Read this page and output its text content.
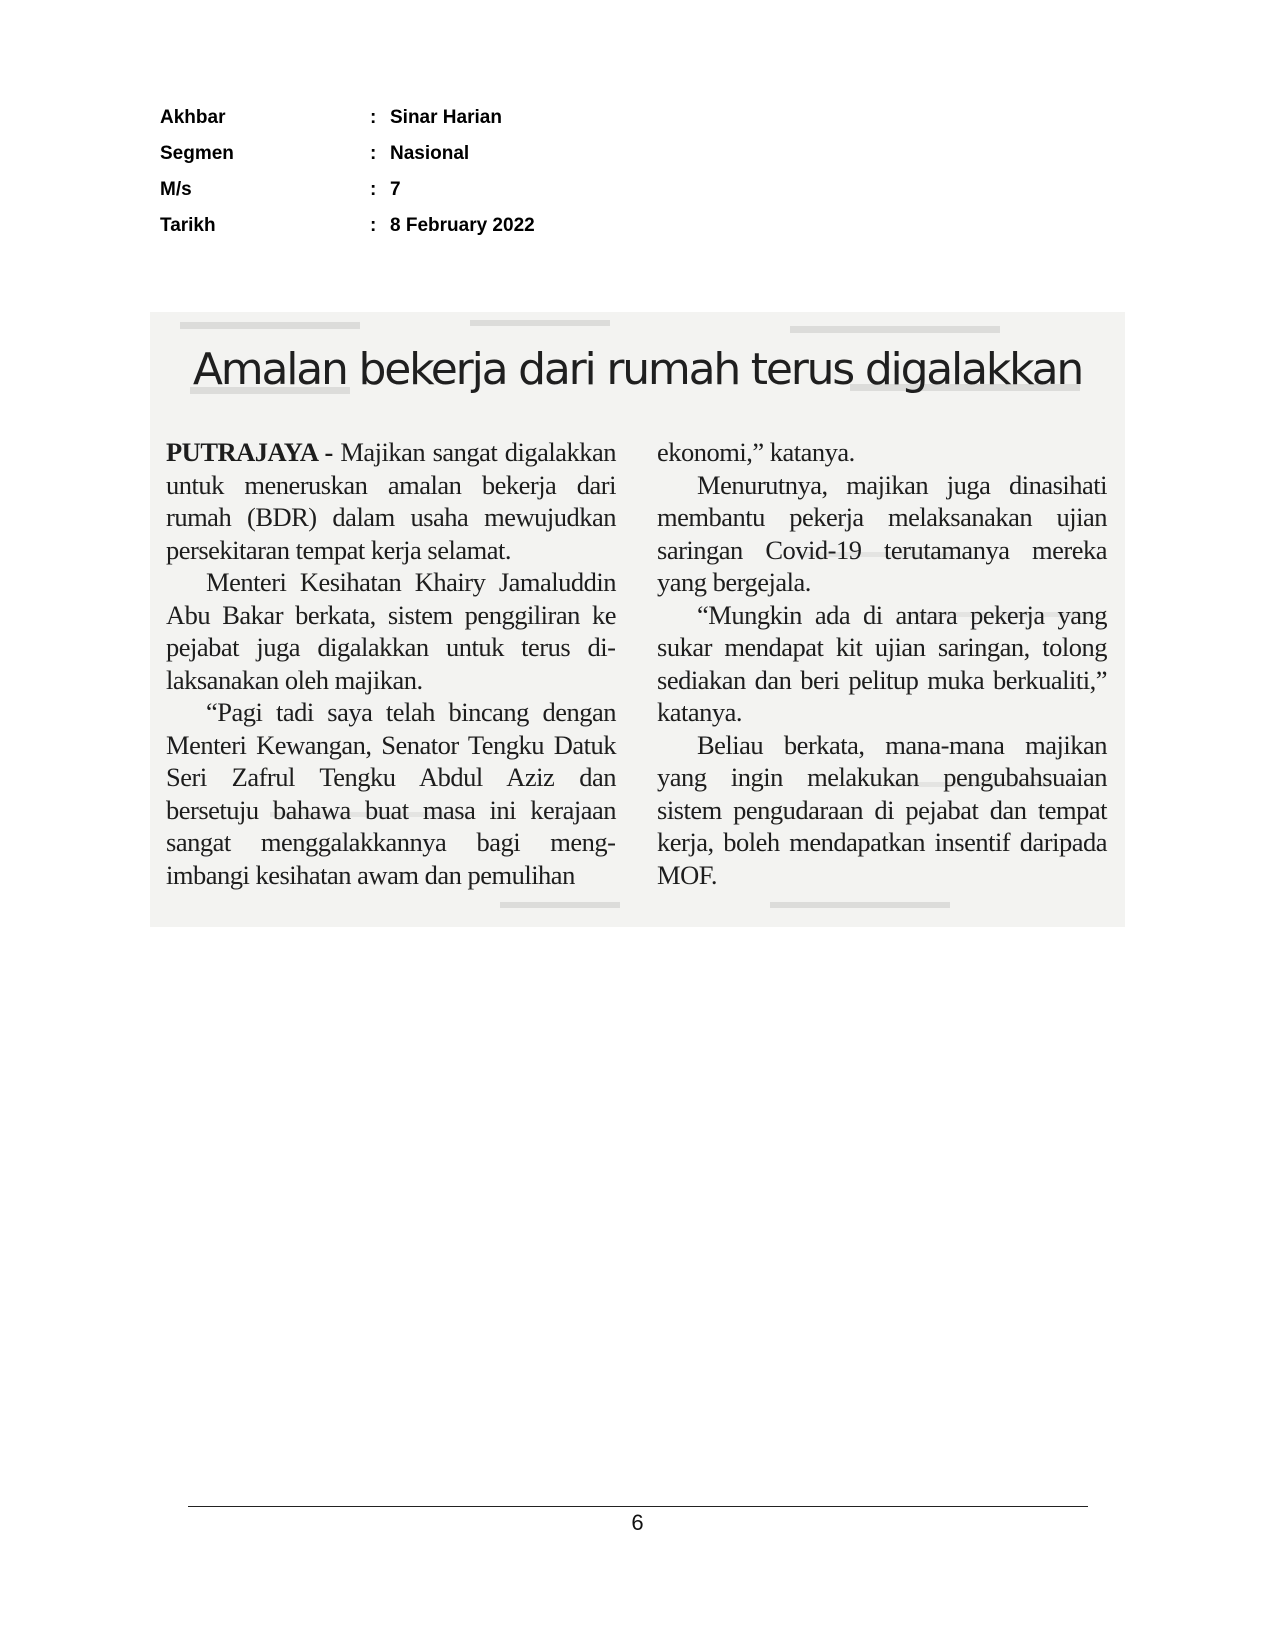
Akhbar	: Sinar Harian
Segmen	: Nasional
M/s	: 7
Tarikh	: 8 February 2022
Amalan bekerja dari rumah terus digalakkan

PUTRAJAYA - Majikan sangat digalakkan untuk meneruskan amalan bekerja dari rumah (BDR) dalam usaha mewujudkan persekitaran tempat kerja selamat.

Menteri Kesihatan Khairy Jamaluddin Abu Bakar berkata, sistem penggiliran ke pejabat juga digalakkan untuk terus dilaksanakan oleh majikan.

“Pagi tadi saya telah bincang dengan Menteri Kewangan, Senator Tengku Datuk Seri Zafrul Tengku Abdul Aziz dan bersetuju bahawa buat masa ini kerajaan sangat menggalakkannya bagi mengimbangi kesihatan awam dan pemulihan

ekonomi,” katanya.

Menurutnya, majikan juga dinasihati membantu pekerja melaksanakan ujian saringan Covid-19 terutamanya mereka yang bergejala.

“Mungkin ada di antara pekerja yang sukar mendapat kit ujian saringan, tolong sediakan dan beri pelitup muka berkualiti,” katanya.

Beliau berkata, mana-mana majikan yang ingin melakukan pengubahsuaian sistem pengudaraan di pejabat dan tempat kerja, boleh mendapatkan insentif daripada MOF.

6
